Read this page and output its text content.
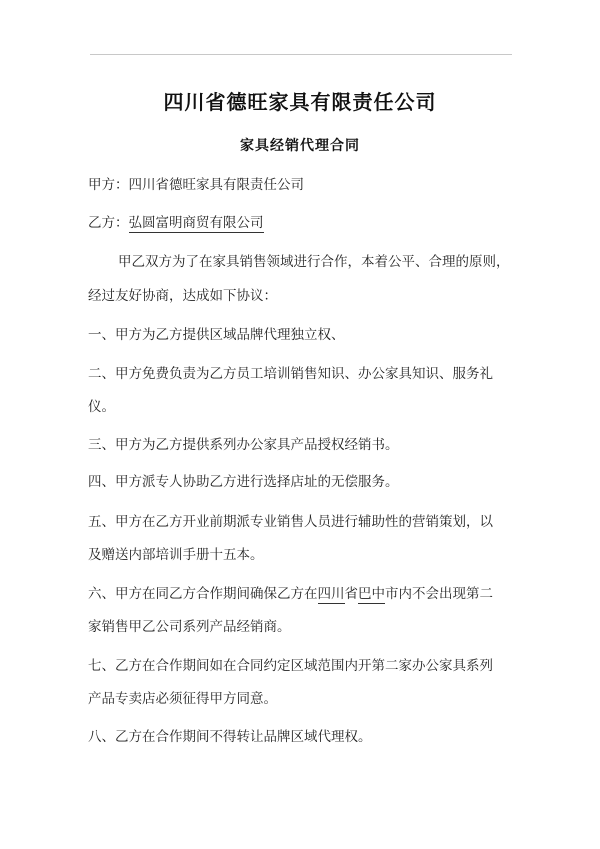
四川省德旺家具有限责任公司
家具经销代理合同
甲方：四川省德旺家具有限责任公司
乙方：弘圆富明商贸有限公司
甲乙双方为了在家具销售领域进行合作，本着公平、合理的原则，
经过友好协商，达成如下协议：
一、甲方为乙方提供区域品牌代理独立权、
二、甲方免费负责为乙方员工培训销售知识、办公家具知识、服务礼
仪。
三、甲方为乙方提供系列办公家具产品授权经销书。
四、甲方派专人协助乙方进行选择店址的无偿服务。
五、甲方在乙方开业前期派专业销售人员进行辅助性的营销策划，以
及赠送内部培训手册十五本。
六、甲方在同乙方合作期间确保乙方在四川省巴中市内不会出现第二
家销售甲乙公司系列产品经销商。
七、乙方在合作期间如在合同约定区域范围内开第二家办公家具系列
产品专卖店必须征得甲方同意。
八、乙方在合作期间不得转让品牌区域代理权。
